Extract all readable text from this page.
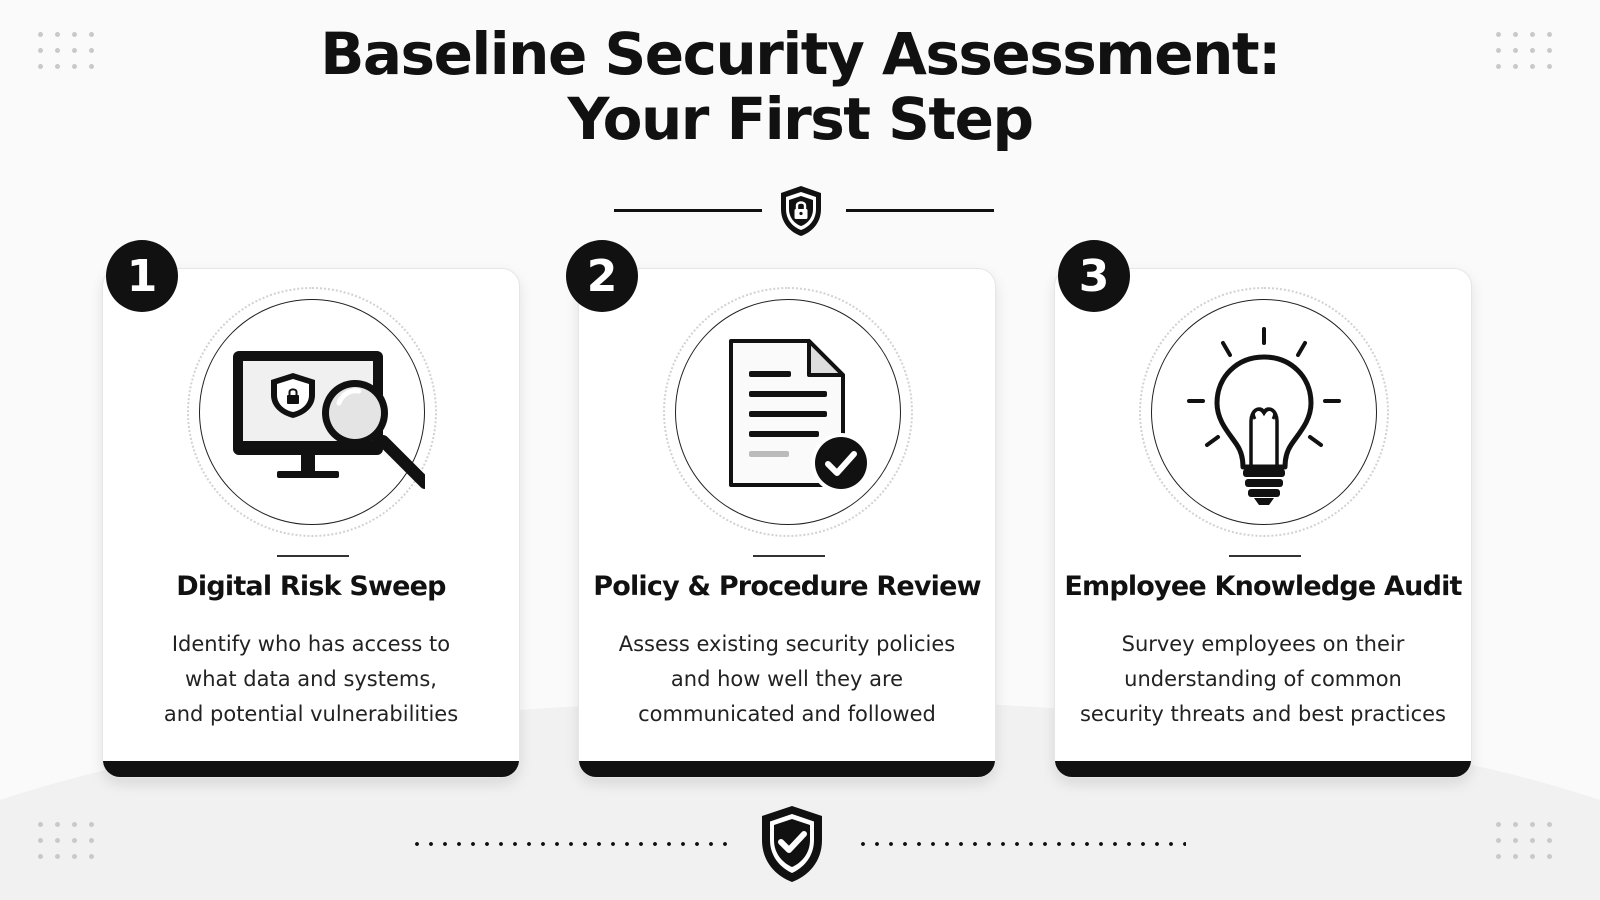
Baseline Security Assessment:
Your First Step
Digital Risk Sweep
Identify who has access to
what data and systems,
and potential vulnerabilities
1
Policy & Procedure Review
Assess existing security policies
and how well they are
communicated and followed
2
Employee Knowledge Audit
Survey employees on their
understanding of common
security threats and best practices
3
